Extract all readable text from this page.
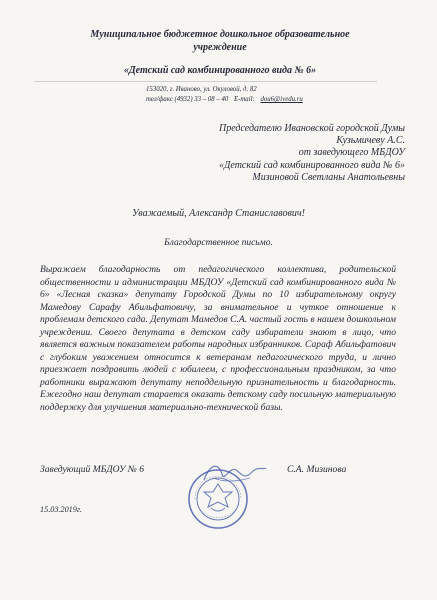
Муниципальное бюджетное дошкольное образовательное
учреждение
«Детский сад комбинированного вида № 6»
153020, г. Иваново, ул. Окуловой, д. 82
тел/факс (4932) 33 – 08 – 40 E-mail: dou6@ivedu.ru
Председателю Ивановской городской Думы
Кузьмичеву А.С.
от заведующего МБДОУ
«Детский сад комбинированного вида № 6»
Мизиновой Светланы Анатольевны
Уважаемый, Александр Станиславович!
Благодарственное письмо.

Выражаем благодарность от педагогического коллектива, родительской общественности и администрации МБДОУ «Детский сад комбинированного вида № 6» «Лесная сказка» депутату Городской Думы по 10 избирательному округу Мамедову Сарафу Абильфатовичу, за внимательное и чуткое отношение к проблемам детского сада. Депутат Мамедов С.А. частый гость в нашем дошкольном учреждении. Своего депутата в детском саду избиратели знают в лицо, что является важным показателем работы народных избранников. Сараф Абильфатович с глубоким уважением относится к ветеранам педагогического труда, и лично приезжает поздравить людей с юбилеем, с профессиональным праздником, за что работники выражают депутату неподдельную признательность и благодарность. Ежегодно наш депутат старается оказать детскому саду посильную материальную поддержку для улучшения материально-технической базы.

Заведующий МБДОУ № 6	С.А. Мизинова
15.03.2019г.
